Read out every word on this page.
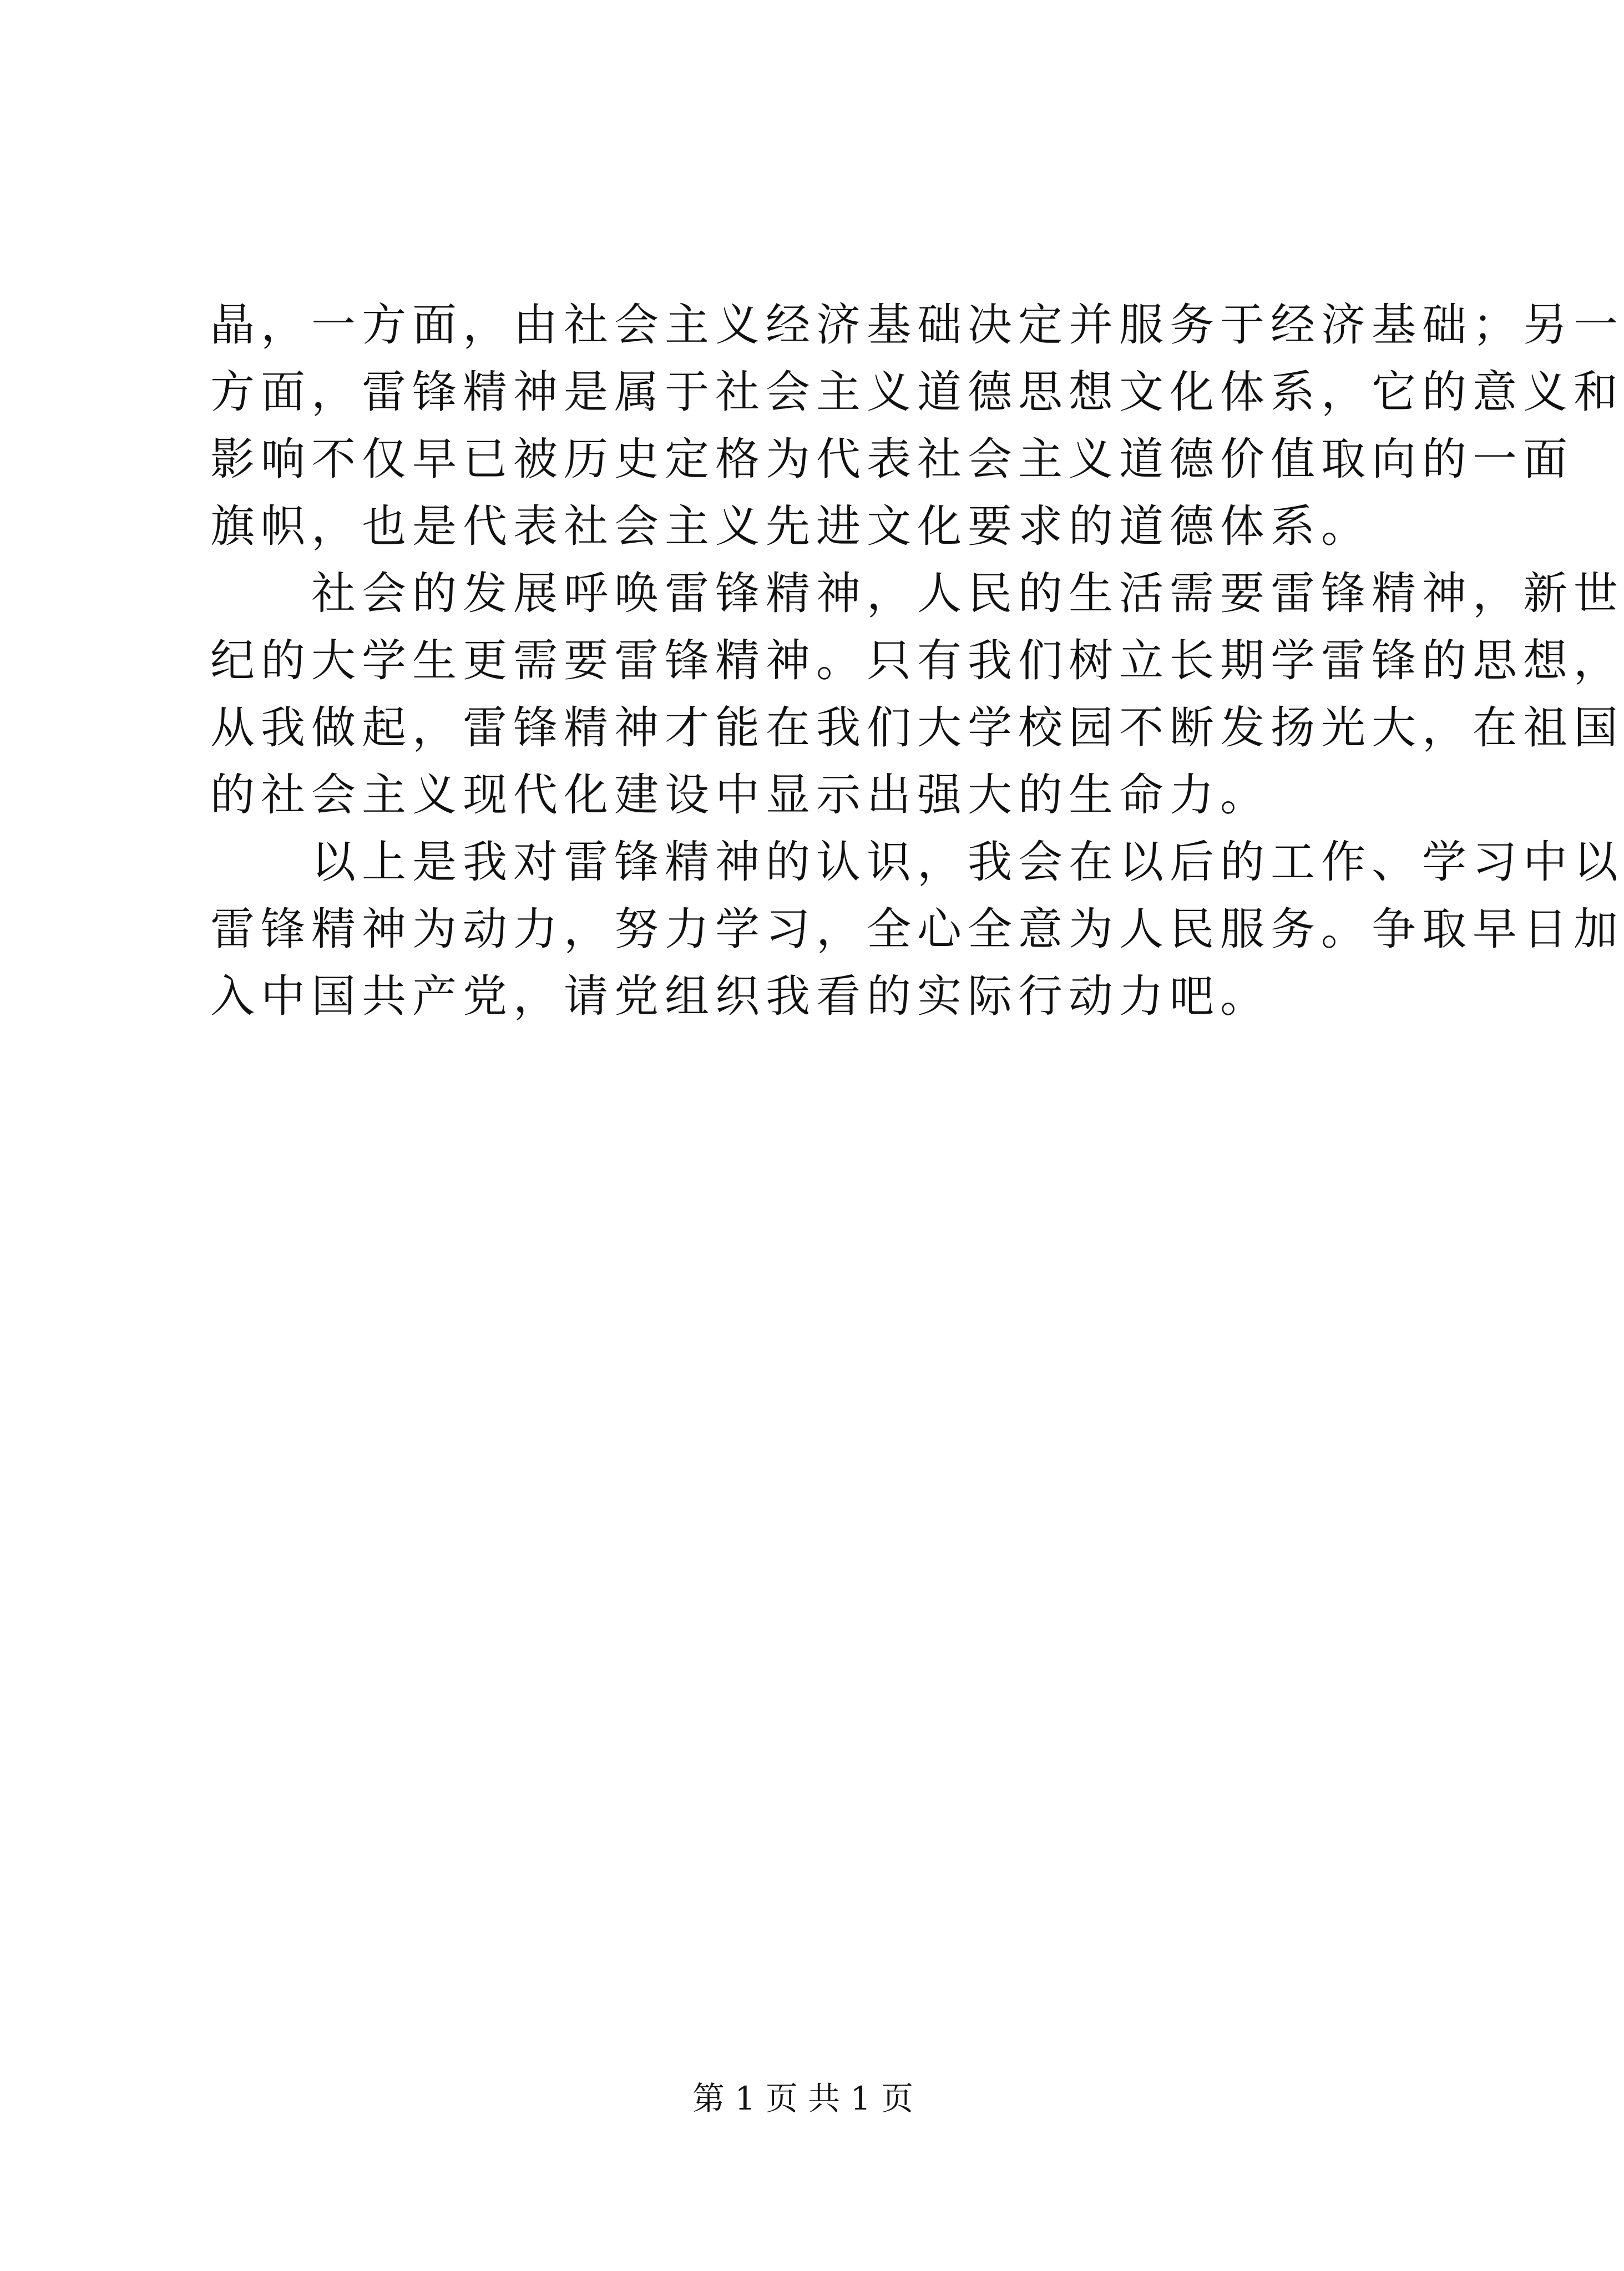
晶，一方面，由社会主义经济基础决定并服务于经济基础；另一
方面，雷锋精神是属于社会主义道德思想文化体系，它的意义和
影响不仅早已被历史定格为代表社会主义道德价值取向的一面
旗帜，也是代表社会主义先进文化要求的道德体系。
　　社会的发展呼唤雷锋精神，人民的生活需要雷锋精神，新世
纪的大学生更需要雷锋精神。只有我们树立长期学雷锋的思想，
从我做起，雷锋精神才能在我们大学校园不断发扬光大，在祖国
的社会主义现代化建设中显示出强大的生命力。
　　以上是我对雷锋精神的认识，我会在以后的工作、学习中以
雷锋精神为动力，努力学习，全心全意为人民服务。争取早日加
入中国共产党，请党组织我看的实际行动力吧。
第 1 页 共 1 页
